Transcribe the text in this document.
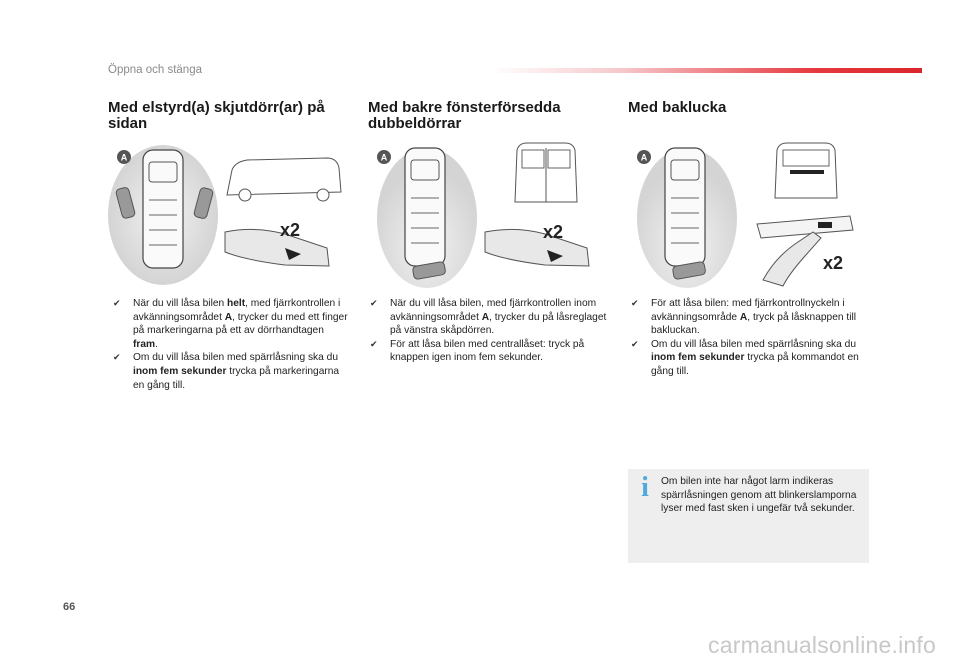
Öppna och stänga
Med elstyrd(a) skjutdörr(ar) på
sidan
A
x2
✔ När du vill låsa bilen helt, med fjärrkontrollen i avkänningsområdet A, trycker du med ett finger på markeringarna på ett av dörrhandtagen fram.
✔ Om du vill låsa bilen med spärrlåsning ska du inom fem sekunder trycka på markeringarna en gång till.
Med bakre fönsterförsedda
dubbeldörrar
A
x2
✔ När du vill låsa bilen, med fjärrkontrollen inom avkänningsområdet A, trycker du på låsreglaget på vänstra skåpdörren.
✔ För att låsa bilen med centrallåset: tryck på knappen igen inom fem sekunder.
Med baklucka
A
x2
✔ För att låsa bilen: med fjärrkontrollnyckeln i avkänningsområde A, tryck på låsknappen till bakluckan.
✔ Om du vill låsa bilen med spärrlåsning ska du inom fem sekunder trycka på kommandot en gång till.
i	Om bilen inte har något larm indikeras spärrlåsningen genom att blinkerslamporna lyser med fast sken i ungefär två sekunder.
66
carmanualsonline.info
